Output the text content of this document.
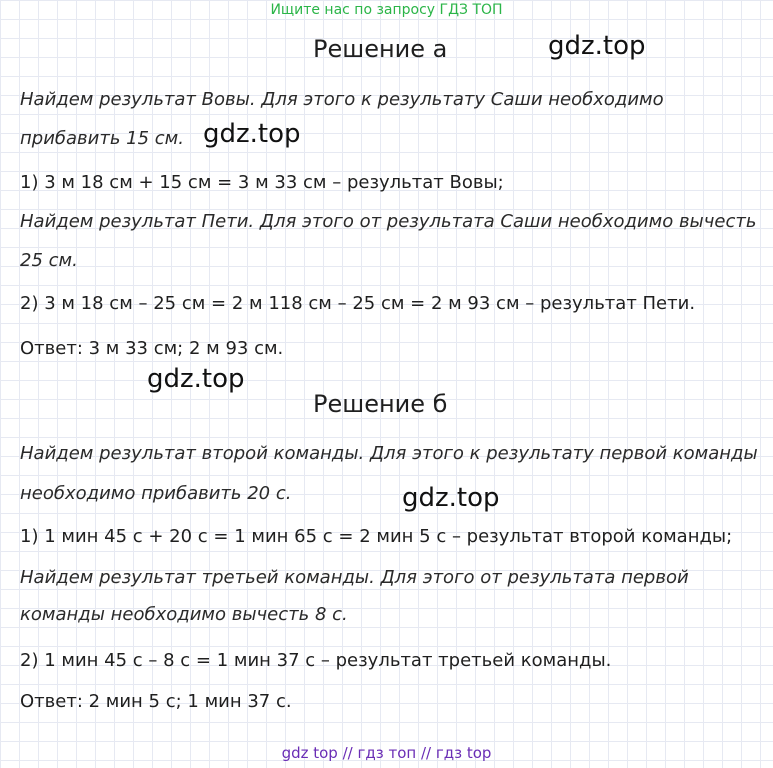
Ищите нас по запросу ГДЗ ТОП
Решение а	gdz.top
Найдем результат Вовы. Для этого к результату Саши необходимо
прибавить 15 см. gdz.top
1) 3 м 18 см + 15 см = 3 м 33 см – результат Вовы;
Найдем результат Пети. Для этого от результата Саши необходимо вычесть
25 см.
2) 3 м 18 см – 25 см = 2 м 118 см – 25 см = 2 м 93 см – результат Пети.
Ответ: 3 м 33 см; 2 м 93 см.
gdz.top
Решение б
Найдем результат второй команды. Для этого к результату первой команды
необходимо прибавить 20 с.	gdz.top
1) 1 мин 45 с + 20 с = 1 мин 65 с = 2 мин 5 с – результат второй команды;
Найдем результат третьей команды. Для этого от результата первой
команды необходимо вычесть 8 с.
2) 1 мин 45 с – 8 с = 1 мин 37 с – результат третьей команды.
Ответ: 2 мин 5 с; 1 мин 37 с.
gdz top // гдз топ // гдз top
